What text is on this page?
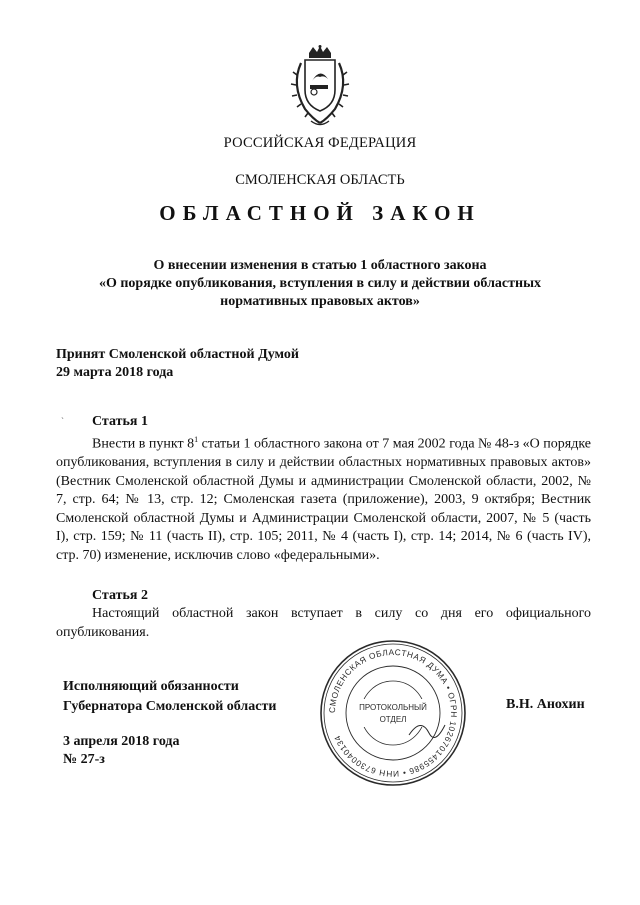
РОССИЙСКАЯ ФЕДЕРАЦИЯ
СМОЛЕНСКАЯ ОБЛАСТЬ
ОБЛАСТНОЙ ЗАКОН
О внесении изменения в статью 1 областного закона
«О порядке опубликования, вступления в силу и действии областных
нормативных правовых актов»
Принят Смоленской областной Думой
29 марта 2018 года
ˏ	Статья 1
Внести в пункт $8^1$ статьи 1 областного закона от 7 мая 2002 года № 48-з «О порядке опубликования, вступления в силу и действии областных нормативных правовых актов» (Вестник Смоленской областной Думы и администрации Смоленской области, 2002, № 7, стр. 64; № 13, стр. 12; Смоленская газета (приложение), 2003, 9 октября; Вестник Смоленской областной Думы и Администрации Смоленской области, 2007, № 5 (часть I), стр. 159; № 11 (часть II), стр. 105; 2011, № 4 (часть I), стр. 14; 2014, № 6 (часть IV), стр. 70) изменение, исключив слово «федеральными».
Статья 2
Настоящий областной закон вступает в силу со дня его официального опубликования.
Исполняющий обязанности
Губернатора Смоленской области	СМОЛЕНСКАЯ ОБЛАСТНАЯ ДУМА • ОГРН 1026701455986 • ИНН 6730040134
ПРОТОКОЛЬНЫЙ
ОТДЕЛ
В.Н. Анохин
3 апреля 2018 года
№ 27-з
